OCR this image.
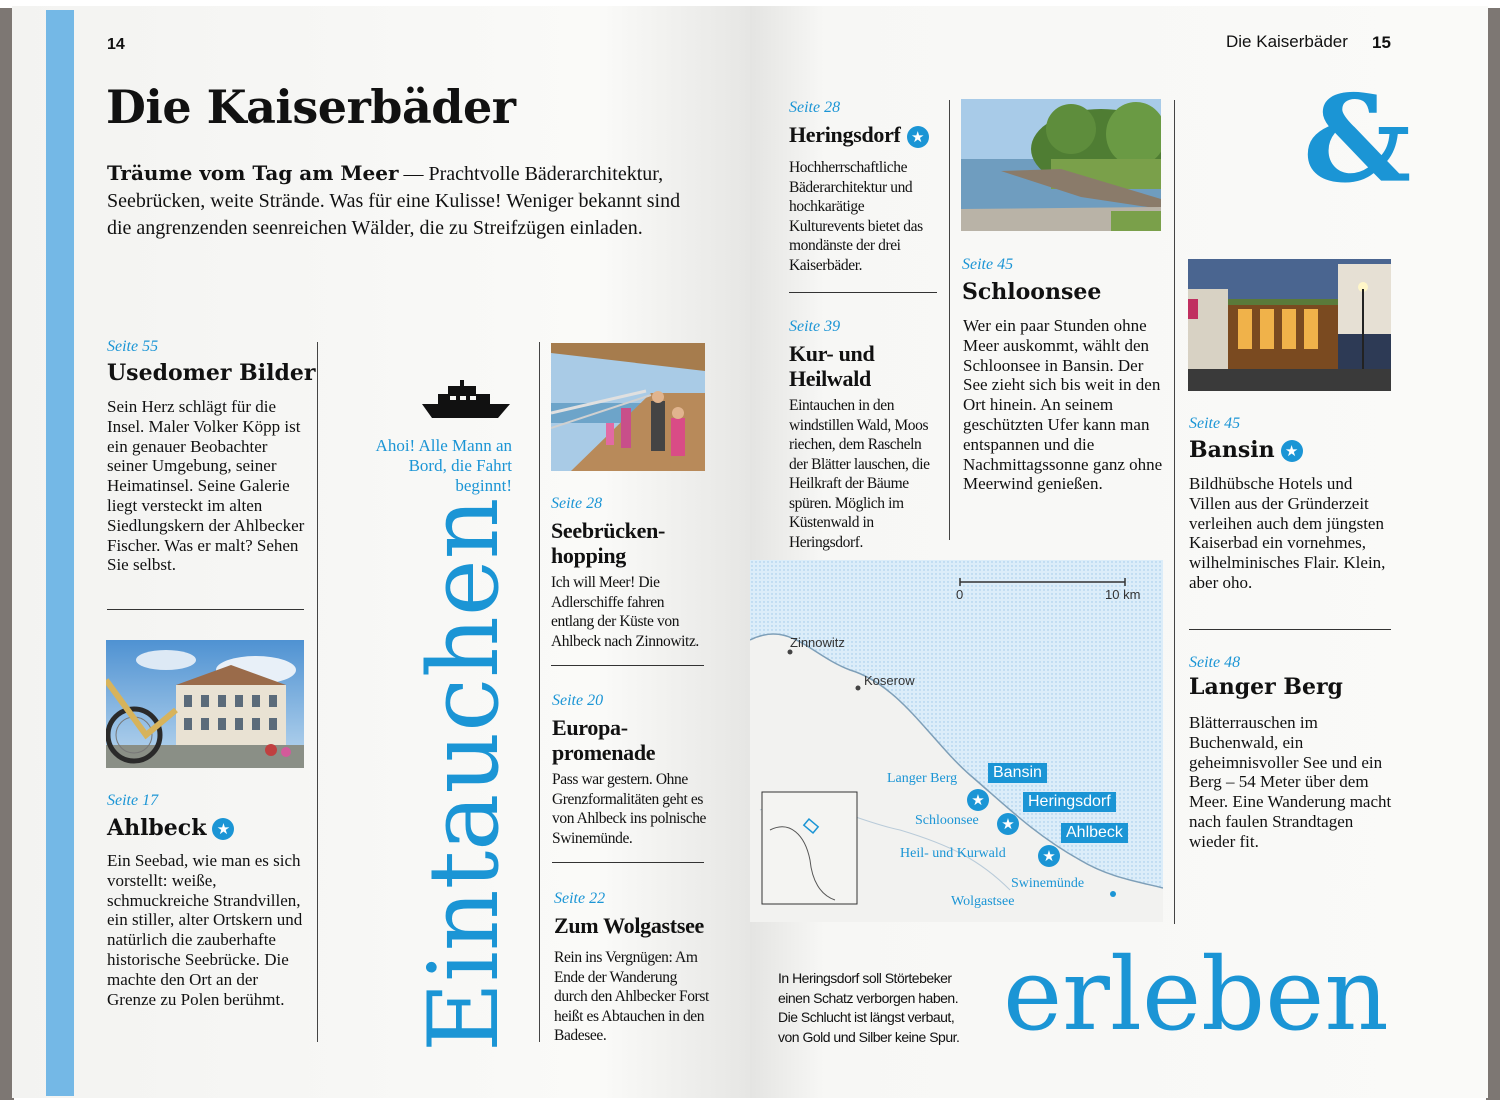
14
Die Kaiserbäder
Träume vom Tag am Meer — Prachtvolle Bäderarchitektur, Seebrücken, weite Strände. Was für eine Kulisse! Weniger bekannt sind die angrenzenden seenreichen Wälder, die zu Streifzügen einladen.
Seite 55
Usedomer Bilder
Sein Herz schlägt für die Insel. Maler Volker Köpp ist ein genauer Beobachter seiner Umgebung, seiner Heimatinsel. Seine Galerie liegt versteckt im alten Siedlungskern der Ahlbecker Fischer. Was er malt? Sehen Sie selbst.
Seite 17
Ahlbeck ★
Ein Seebad, wie man es sich vorstellt: weiße, schmuckreiche Strandvillen, ein stiller, alter Ortskern und natürlich die zauberhafte historische Seebrücke. Die machte den Ort an der Grenze zu Polen berühmt.
Ahoi! Alle Mann an Bord, die Fahrt beginnt!
Eintauchen Seite 28
Seebrücken-hopping
Ich will Meer! Die Adlerschiffe fahren entlang der Küste von Ahlbeck nach Zinnowitz.
Seite 20
Europa-promenade
Pass war gestern. Ohne Grenzformalitäten geht es von Ahlbeck ins polnische Swinemünde.
Seite 22
Zum Wolgastsee
Rein ins Vergnügen: Am Ende der Wanderung durch den Ahlbecker Forst heißt es Abtauchen in den Badesee.
Die Kaiserbäder 15
Seite 28
Heringsdorf ★
Hochherrschaftliche Bäderarchitektur und hochkarätige Kulturevents bietet das mondänste der drei Kaiserbäder.
Seite 39
Kur- und Heilwald
Eintauchen in den windstillen Wald, Moos riechen, dem Rascheln der Blätter lauschen, die Heilkraft der Bäume spüren. Möglich im Küstenwald in Heringsdorf.
Seite 45
Schloonsee
Wer ein paar Stunden ohne Meer auskommt, wählt den Schloonsee in Bansin. Der See zieht sich bis weit in den Ort hinein. An seinem geschützten Ufer kann man entspannen und die Nachmittagssonne ganz ohne Meerwind genießen.
0	10 km
Zinnowitz
Koserow
Langer Berg
Schloonsee
Heil- und Kurwald
Swinemünde
Wolgastsee
Bansin
Heringsdorf
Ahlbeck
★
★
★
In Heringsdorf soll Störtebeker einen Schatz verborgen haben. Die Schlucht ist längst verbaut, von Gold und Silber keine Spur. erleben
&
Seite 45
Bansin ★
Bildhübsche Hotels und Villen aus der Gründerzeit verleihen auch dem jüngsten Kaiserbad ein vornehmes, wilhelminisches Flair. Klein, aber oho.
Seite 48
Langer Berg
Blätterrauschen im Buchenwald, ein geheimnisvoller See und ein Berg – 54 Meter über dem Meer. Eine Wanderung macht nach faulen Strandtagen wieder fit.
